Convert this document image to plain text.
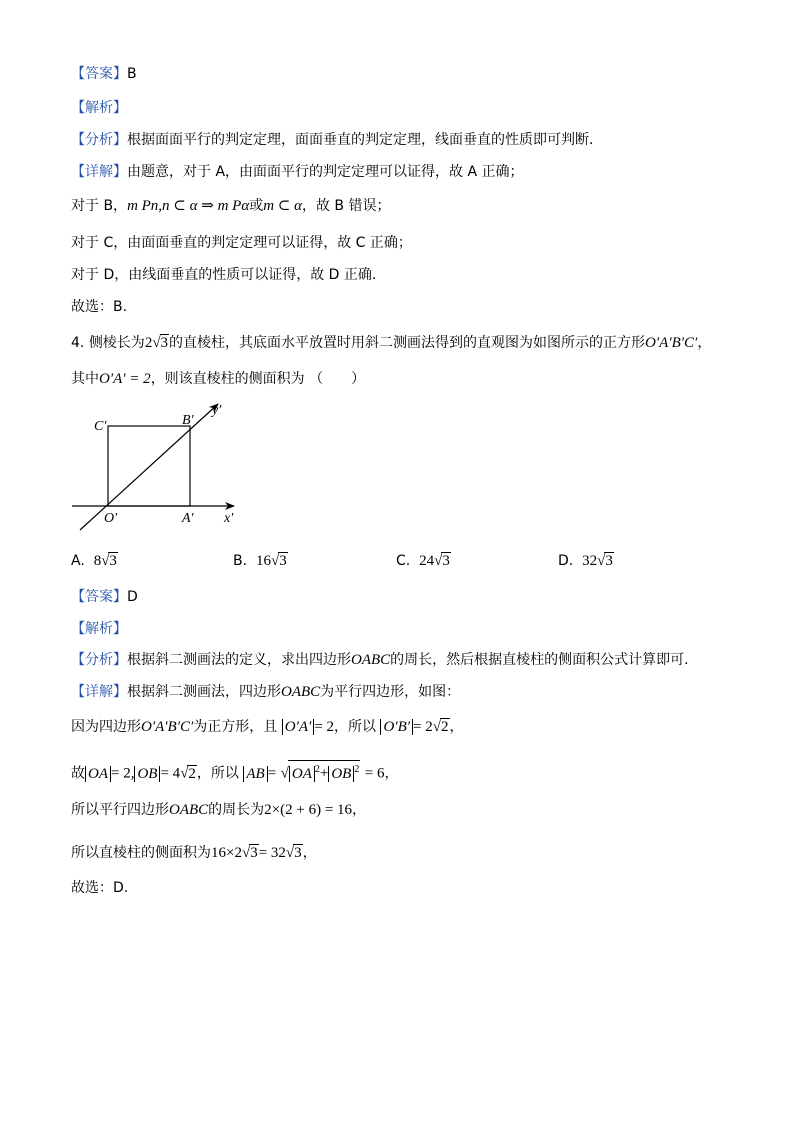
【答案】B
【解析】
【分析】根据面面平行的判定定理，面面垂直的判定定理，线面垂直的性质即可判断.
【详解】由题意，对于 A，由面面平行的判定定理可以证得，故 A 正确；
对于 B，m Pn,n ⊂ α ⇒ m Pα或m ⊂ α，故 B 错误；
对于 C，由面面垂直的判定定理可以证得，故 C 正确；
对于 D，由线面垂直的性质可以证得，故 D 正确.
故选：B.
4. 侧棱长为2√3的直棱柱，其底面水平放置时用斜二测画法得到的直观图为如图所示的正方形O′A′B′C′，
其中O′A′ = 2，则该直棱柱的侧面积为 （　　）
C′	B′
y′
O′	A′ x′
A. 8√3	B. 16√3	C. 24√3	D. 32√3
【答案】D
【解析】
【分析】根据斜二测画法的定义，求出四边形OABC的周长，然后根据直棱柱的侧面积公式计算即可.
【详解】根据斜二测画法，四边形OABC为平行四边形，如图：
因为四边形O′A′B′C′为正方形，且 O′A′ = 2，所以 O′B′ = 2√2，
故 OA = 2, OB = 4√2，所以 AB = √ OA $^2$+ OB $^2$ = 6，
所以平行四边形OABC的周长为2×(2 + 6) = 16，
所以直棱柱的侧面积为16×2√3= 32√3，
故选：D.
